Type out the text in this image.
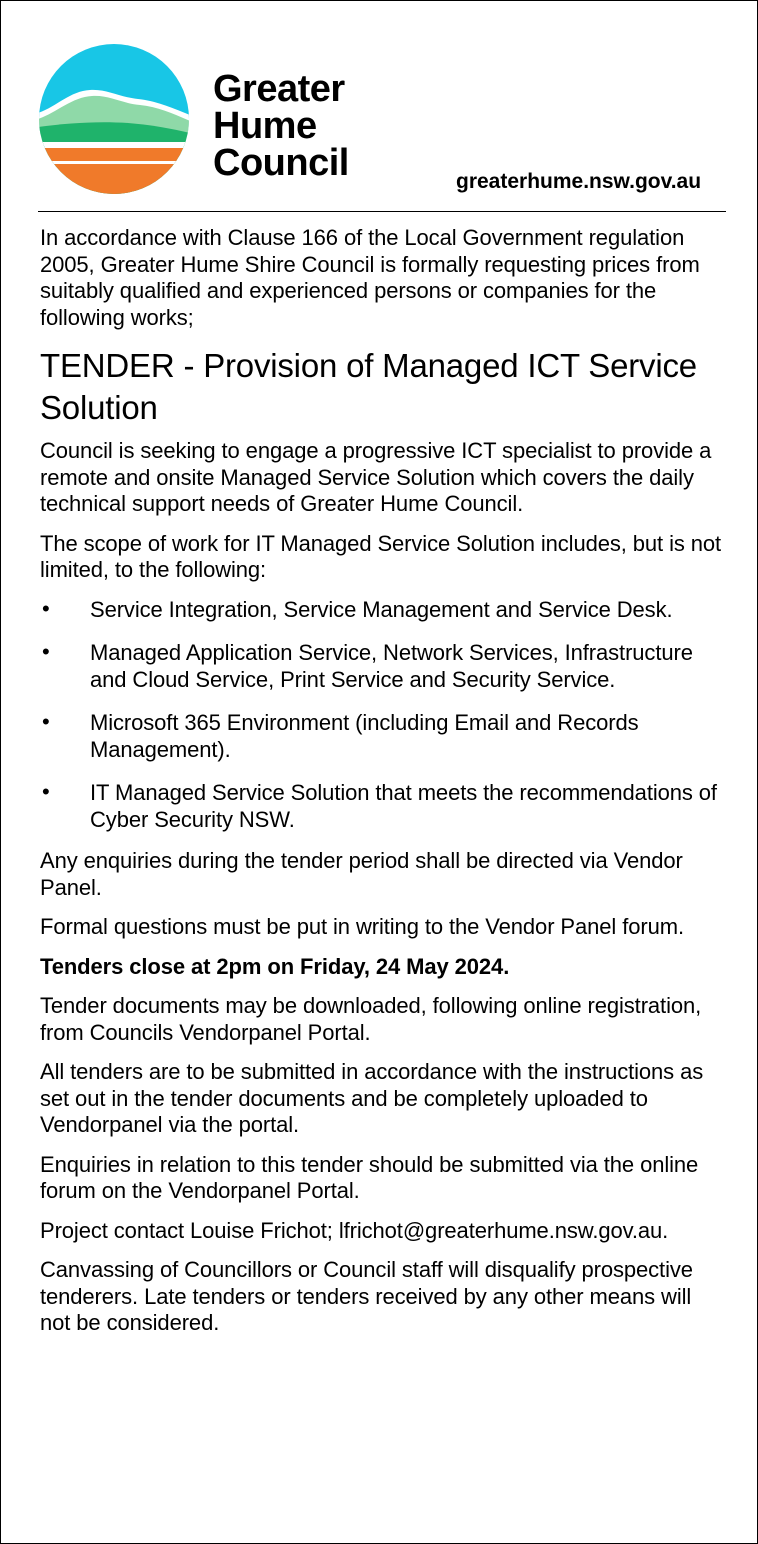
Greater
Hume
Council	greaterhume.nsw.gov.au

In accordance with Clause 166 of the Local Government regulation 2005, Greater Hume Shire Council is formally requesting prices from suitably qualified and experienced persons or companies for the following works;

TENDER - Provision of Managed ICT Service Solution

Council is seeking to engage a progressive ICT specialist to provide a remote and onsite Managed Service Solution which covers the daily technical support needs of Greater Hume Council.

The scope of work for IT Managed Service Solution includes, but is not limited, to the following:

• Service Integration, Service Management and Service Desk.
• Managed Application Service, Network Services, Infrastructure and Cloud Service, Print Service and Security Service.
• Microsoft 365 Environment (including Email and Records Management).
• IT Managed Service Solution that meets the recommendations of Cyber Security NSW.

Any enquiries during the tender period shall be directed via Vendor Panel.

Formal questions must be put in writing to the Vendor Panel forum.

Tenders close at 2pm on Friday, 24 May 2024.

Tender documents may be downloaded, following online registration, from Councils Vendorpanel Portal.

All tenders are to be submitted in accordance with the instructions as set out in the tender documents and be completely uploaded to Vendorpanel via the portal.

Enquiries in relation to this tender should be submitted via the online forum on the Vendorpanel Portal.

Project contact Louise Frichot; lfrichot@greaterhume.nsw.gov.au.

Canvassing of Councillors or Council staff will disqualify prospective tenderers. Late tenders or tenders received by any other means will not be considered.
